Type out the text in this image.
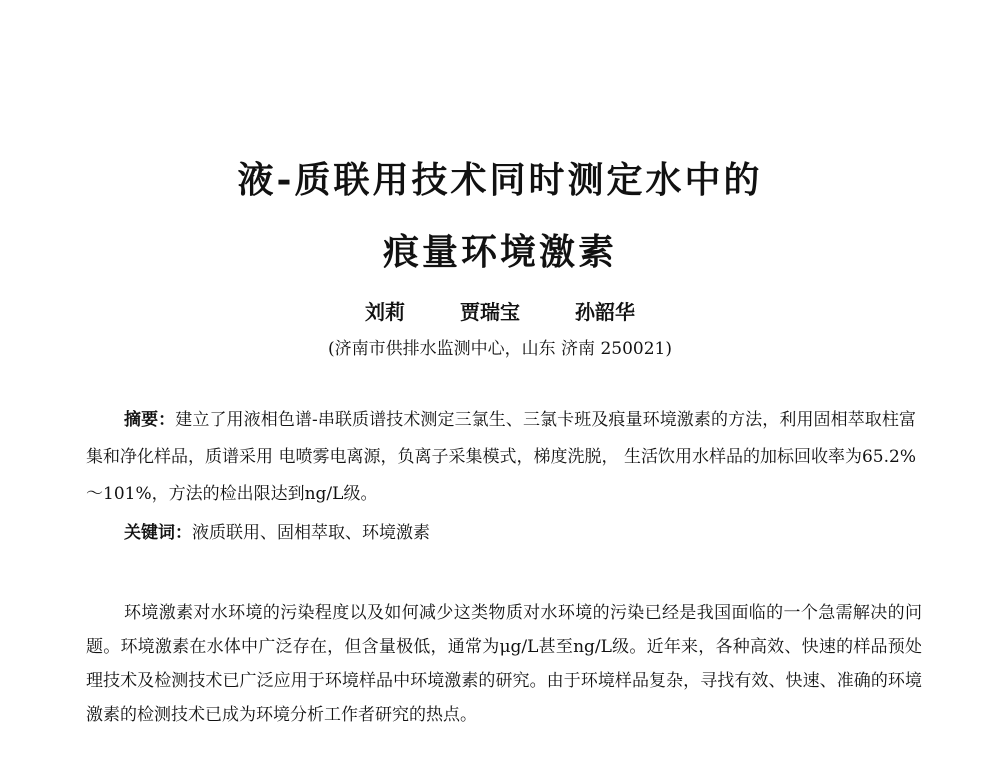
液-质联用技术同时测定水中的
痕量环境激素
刘莉	贾瑞宝	孙韶华
(济南市供排水监测中心，山东 济南 250021)
摘要：建立了用液相色谱-串联质谱技术测定三氯生、三氯卡班及痕量环境激素的方法，利用固相萃取柱富集和净化样品，质谱采用 电喷雾电离源，负离子采集模式，梯度洗脱， 生活饮用水样品的加标回收率为65.2%～101%，方法的检出限达到ng/L级。
关键词：液质联用、固相萃取、环境激素
环境激素对水环境的污染程度以及如何减少这类物质对水环境的污染已经是我国面临的一个急需解决的问题。环境激素在水体中广泛存在，但含量极低，通常为μg/L甚至ng/L级。近年来，各种高效、快速的样品预处理技术及检测技术已广泛应用于环境样品中环境激素的研究。由于环境样品复杂，寻找有效、快速、准确的环境激素的检测技术已成为环境分析工作者研究的热点。
